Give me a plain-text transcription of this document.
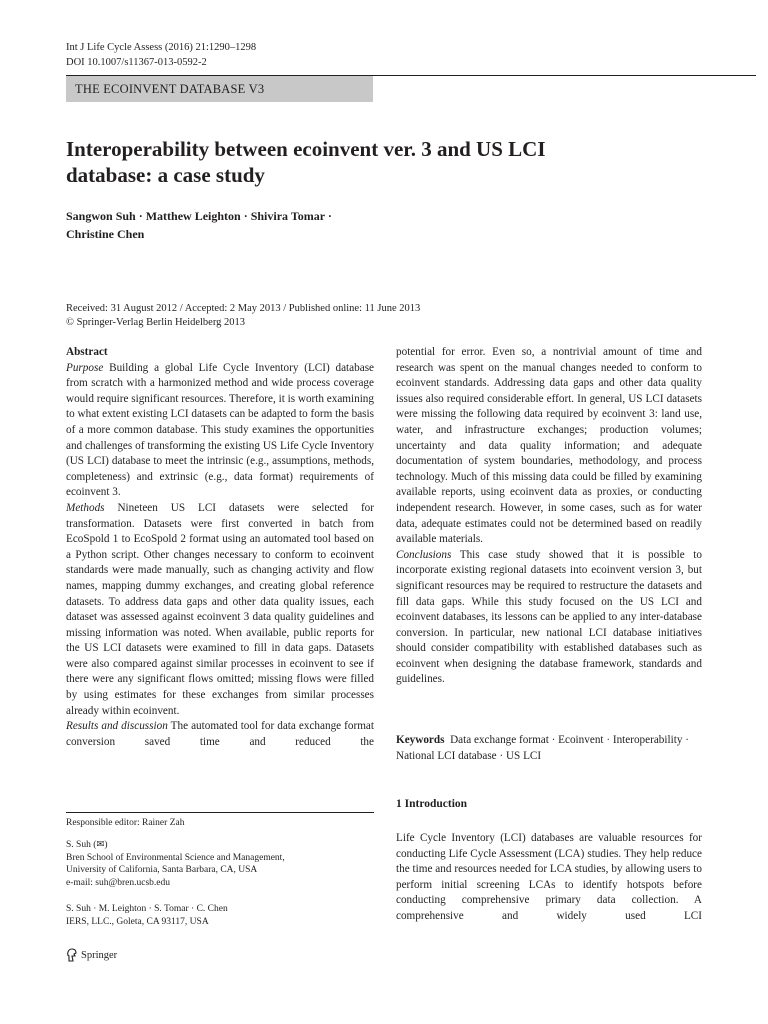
Int J Life Cycle Assess (2016) 21:1290–1298
DOI 10.1007/s11367-013-0592-2
THE ECOINVENT DATABASE V3
Interoperability between ecoinvent ver. 3 and US LCI
database: a case study
Sangwon Suh · Matthew Leighton · Shivira Tomar ·
Christine Chen
Received: 31 August 2012 / Accepted: 2 May 2013 / Published online: 11 June 2013
© Springer-Verlag Berlin Heidelberg 2013

Abstract

Purpose Building a global Life Cycle Inventory (LCI) database from scratch with a harmonized method and wide process coverage would require significant resources. Therefore, it is worth examining to what extent existing LCI datasets can be adapted to form the basis of a more common database. This study examines the opportunities and challenges of transforming the existing US Life Cycle Inventory (US LCI) database to meet the intrinsic (e.g., assumptions, methods, completeness) and extrinsic (e.g., data format) requirements of ecoinvent 3.

Methods Nineteen US LCI datasets were selected for transformation. Datasets were first converted in batch from EcoSpold 1 to EcoSpold 2 format using an automated tool based on a Python script. Other changes necessary to conform to ecoinvent standards were made manually, such as changing activity and flow names, mapping dummy exchanges, and creating global reference datasets. To address data gaps and other data quality issues, each dataset was assessed against ecoinvent 3 data quality guidelines and missing information was noted. When available, public reports for the US LCI datasets were examined to fill in data gaps. Datasets were also compared against similar processes in ecoinvent to see if there were any significant flows omitted; missing flows were filled by using estimates for these exchanges from similar processes already within ecoinvent.

Results and discussion The automated tool for data exchange format conversion saved time and reduced the

potential for error. Even so, a nontrivial amount of time and research was spent on the manual changes needed to conform to ecoinvent standards. Addressing data gaps and other data quality issues also required considerable effort. In general, US LCI datasets were missing the following data required by ecoinvent 3: land use, water, and infrastructure exchanges; production volumes; uncertainty and data quality information; and adequate documentation of system boundaries, methodology, and process technology. Much of this missing data could be filled by examining available reports, using ecoinvent data as proxies, or conducting independent research. However, in some cases, such as for water data, adequate estimates could not be determined based on readily available materials.

Conclusions This case study showed that it is possible to incorporate existing regional datasets into ecoinvent version 3, but significant resources may be required to restructure the datasets and fill data gaps. While this study focused on the US LCI and ecoinvent databases, its lessons can be applied to any inter-database conversion. In particular, new national LCI database initiatives should consider compatibility with established databases such as ecoinvent when designing the database framework, standards and guidelines.

Keywords Data exchange format · Ecoinvent · Interoperability · National LCI database · US LCI

1 Introduction

Life Cycle Inventory (LCI) databases are valuable resources for conducting Life Cycle Assessment (LCA) studies. They help reduce the time and resources needed for LCA studies, by allowing users to perform initial screening LCAs to identify hotspots before conducting comprehensive primary data collection. A comprehensive and widely used LCI

Responsible editor: Rainer Zah
S. Suh (✉)
Bren School of Environmental Science and Management,
University of California, Santa Barbara, CA, USA
e-mail: suh@bren.ucsb.edu
S. Suh · M. Leighton · S. Tomar · C. Chen
IERS, LLC., Goleta, CA 93117, USA
Springer
